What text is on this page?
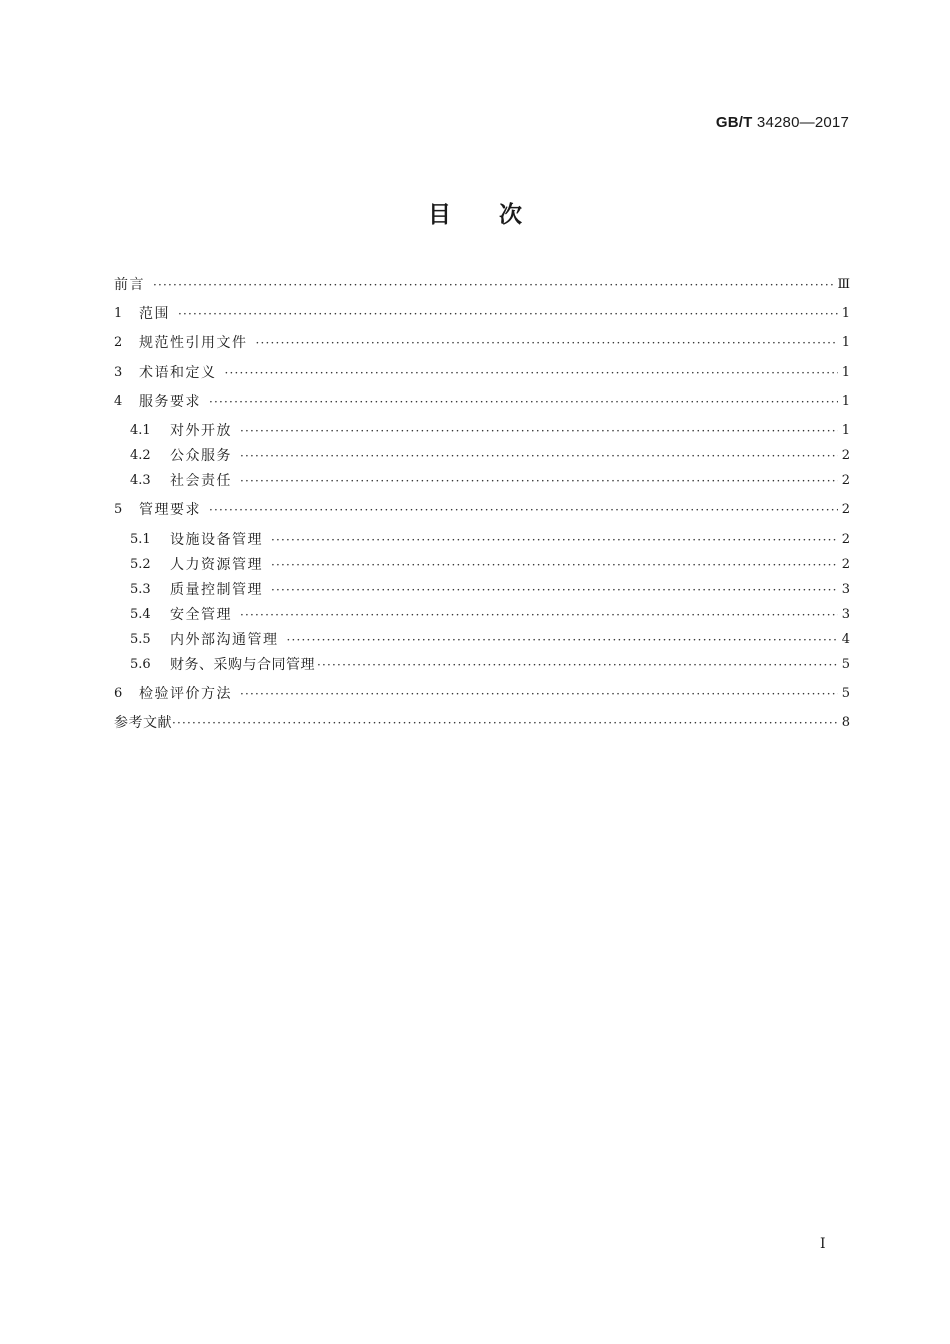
GB/T 34280—2017
目 次
前言 ·····	Ⅲ
1	范围 ·····	1
2	规范性引用文件 ·····	1
3	术语和定义 ·····	1
4	服务要求 ·····	1
4.1	对外开放 ·····	1
4.2	公众服务 ·····	2
4.3	社会责任 ·····	2
5	管理要求 ·····	2
5.1	设施设备管理 ·····	2
5.2	人力资源管理 ·····	2
5.3	质量控制管理 ·····	3
5.4	安全管理 ·····	3
5.5	内外部沟通管理 ·····	4
5.6	财务、采购与合同管理 ·····	5
6	检验评价方法 ·····	5
参考文献 ·····	8
I
